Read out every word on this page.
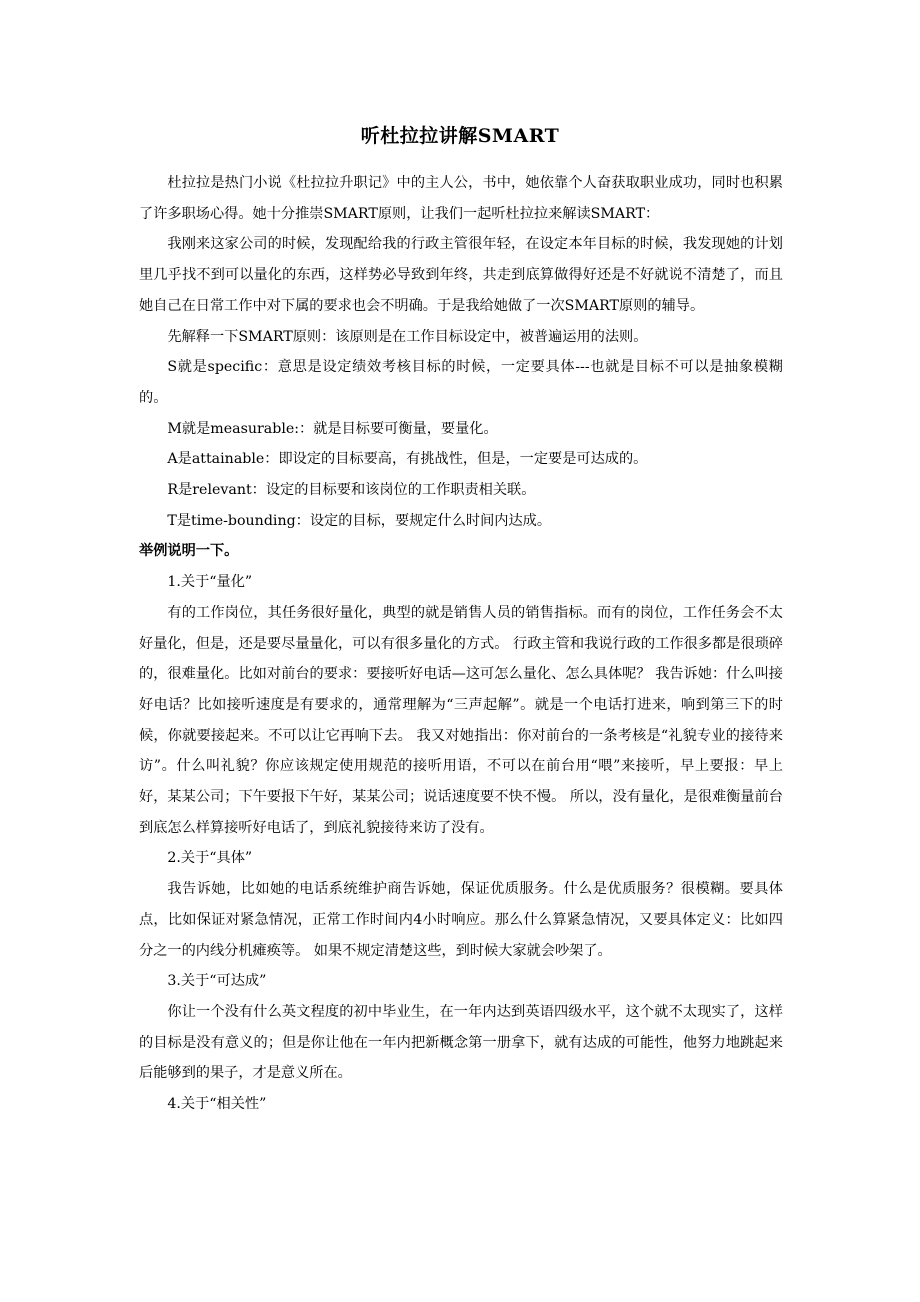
听杜拉拉讲解SMART

杜拉拉是热门小说《杜拉拉升职记》中的主人公，书中，她依靠个人奋获取职业成功，同时也积累了许多职场心得。她十分推崇SMART原则，让我们一起听杜拉拉来解读SMART：

我刚来这家公司的时候，发现配给我的行政主管很年轻，在设定本年目标的时候，我发现她的计划里几乎找不到可以量化的东西，这样势必导致到年终，共走到底算做得好还是不好就说不清楚了，而且她自己在日常工作中对下属的要求也会不明确。于是我给她做了一次SMART原则的辅导。

先解释一下SMART原则：该原则是在工作目标设定中，被普遍运用的法则。

S就是specific：意思是设定绩效考核目标的时候，一定要具体---也就是目标不可以是抽象模糊的。

M就是measurable:：就是目标要可衡量，要量化。

A是attainable：即设定的目标要高，有挑战性，但是，一定要是可达成的。

R是relevant：设定的目标要和该岗位的工作职责相关联。

T是time-bounding：设定的目标，要规定什么时间内达成。

举例说明一下。

1.关于“量化”

有的工作岗位，其任务很好量化，典型的就是销售人员的销售指标。而有的岗位，工作任务会不太好量化，但是，还是要尽量量化，可以有很多量化的方式。 行政主管和我说行政的工作很多都是很琐碎的，很难量化。比如对前台的要求：要接听好电话—这可怎么量化、怎么具体呢？ 我告诉她：什么叫接好电话？比如接听速度是有要求的，通常理解为“三声起解”。就是一个电话打进来，响到第三下的时候，你就要接起来。不可以让它再响下去。 我又对她指出：你对前台的一条考核是“礼貌专业的接待来访”。什么叫礼貌？你应该规定使用规范的接听用语，不可以在前台用“喂”来接听，早上要报：早上好，某某公司；下午要报下午好，某某公司；说话速度要不快不慢。 所以，没有量化，是很难衡量前台到底怎么样算接听好电话了，到底礼貌接待来访了没有。

2.关于“具体”

我告诉她，比如她的电话系统维护商告诉她，保证优质服务。什么是优质服务？很模糊。要具体点，比如保证对紧急情况，正常工作时间内4小时响应。那么什么算紧急情况，又要具体定义：比如四分之一的内线分机瘫痪等。 如果不规定清楚这些，到时候大家就会吵架了。

3.关于“可达成”

你让一个没有什么英文程度的初中毕业生，在一年内达到英语四级水平，这个就不太现实了，这样的目标是没有意义的；但是你让他在一年内把新概念第一册拿下，就有达成的可能性，他努力地跳起来后能够到的果子，才是意义所在。

4.关于“相关性”
